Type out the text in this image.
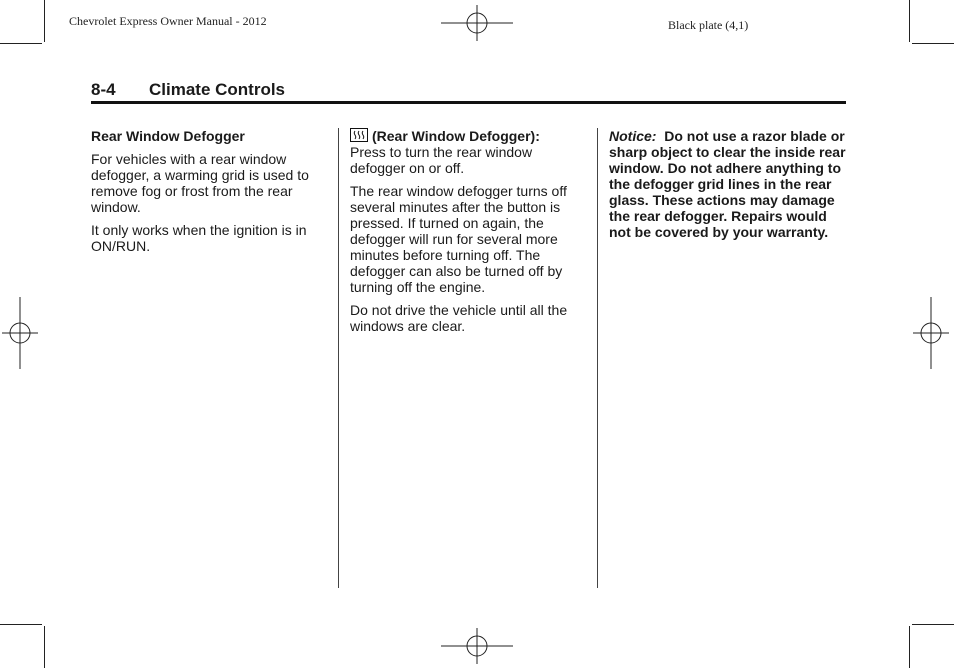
Chevrolet Express Owner Manual - 2012	Black plate (4,1)
8-4 Climate Controls
Rear Window Defogger

For vehicles with a rear window defogger, a warming grid is used to remove fog or frost from the rear window.

It only works when the ignition is in ON/RUN.

(Rear Window Defogger):
Press to turn the rear window defogger on or off.

The rear window defogger turns off several minutes after the button is pressed. If turned on again, the defogger will run for several more minutes before turning off. The defogger can also be turned off by turning off the engine.

Do not drive the vehicle until all the windows are clear.

Notice: Do not use a razor blade or sharp object to clear the inside rear window. Do not adhere anything to the defogger grid lines in the rear glass. These actions may damage the rear defogger. Repairs would not be covered by your warranty.
